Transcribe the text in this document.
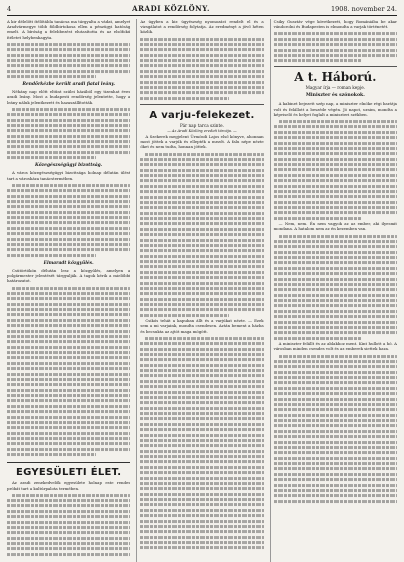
4	ARADI KÖZLÖNY.	1908. november 24.

A kir délelőtt ítélőtábla tanácsa ma tárgyalta a vádat, amelyet Aradvármegye több földbirtokosa ellen a pénzügyi hatóság emelt. A bíróság a felebbezést elutasította és az elsőfokú ítéletet helybenhagyta.

Rendőrkézbe került aradi fiatal leány.

Néhány nap előtt eltűnt szülei házából egy tizenhat éves aradi leány. Most a budapesti rendőrség jelentette, hogy a leány náluk jelentkezett és hazaszállították.

Közegészségügyi bizottság.

A város közegészségügyi bizottsága holnap délután ülést tart a városháza tanácstermében.

Elmaradt közgyűlés.

Csütörtökön délután lesz a közgyűlés, amelyen a polgármester jelentését tárgyalják. A tagok kérik a mielőbbi határozatot.

EGYESÜLETI ÉLET.

Az aradi zenekedvelők egyesülete holnap este rendes próbát tart a kultúrpalota termében.

Az ügyben a kir. ügyészség nyomozást rendelt el és a vizsgálatot a rendőrség folytatja. Az eredményt a jövő héten közlik.

A varju-felekezet.
Pár nap tarca szinte.
— Az Aradi Közlöny eredeti tárcája. —

A Szekerek megjelent Ürmösdi Lajos első könyve, ahonnan most jöttek a varjúk és ellepték a mezőt. A falu népe nézte őket és nem tudta, honnan jöttek.

Csikós tehát a kapuban állt és a varjúkat nézte. — Ezek sem a mi varjaink, mondta csendesen. Aztán bement a házba és becsukta az ajtót maga mögött.

Csiky Gusztáv vége következett, hogy Romániába be akar vándorolni és Budapesten is elmondta a varjak történetét.

A t. Háború.
Magyar írja — roman kepje.
Miniszter és szónokok.

A kabinet bejezett szép nap, a miniszter elnöke régi barátja volt és felállott a beszéde végén. Jó napot, uraim, mondta a képviselő és helyet foglalt a miniszteri székben.

— Nem, nem. Én nem vagyok az az ember, aki ilyesmit mondana. A hatalom nem az én kezemben van.

A miniszter felállt és az ablakhoz ment. Kint hullott a hó. A városban minden csendes volt és az emberek siettek haza.
